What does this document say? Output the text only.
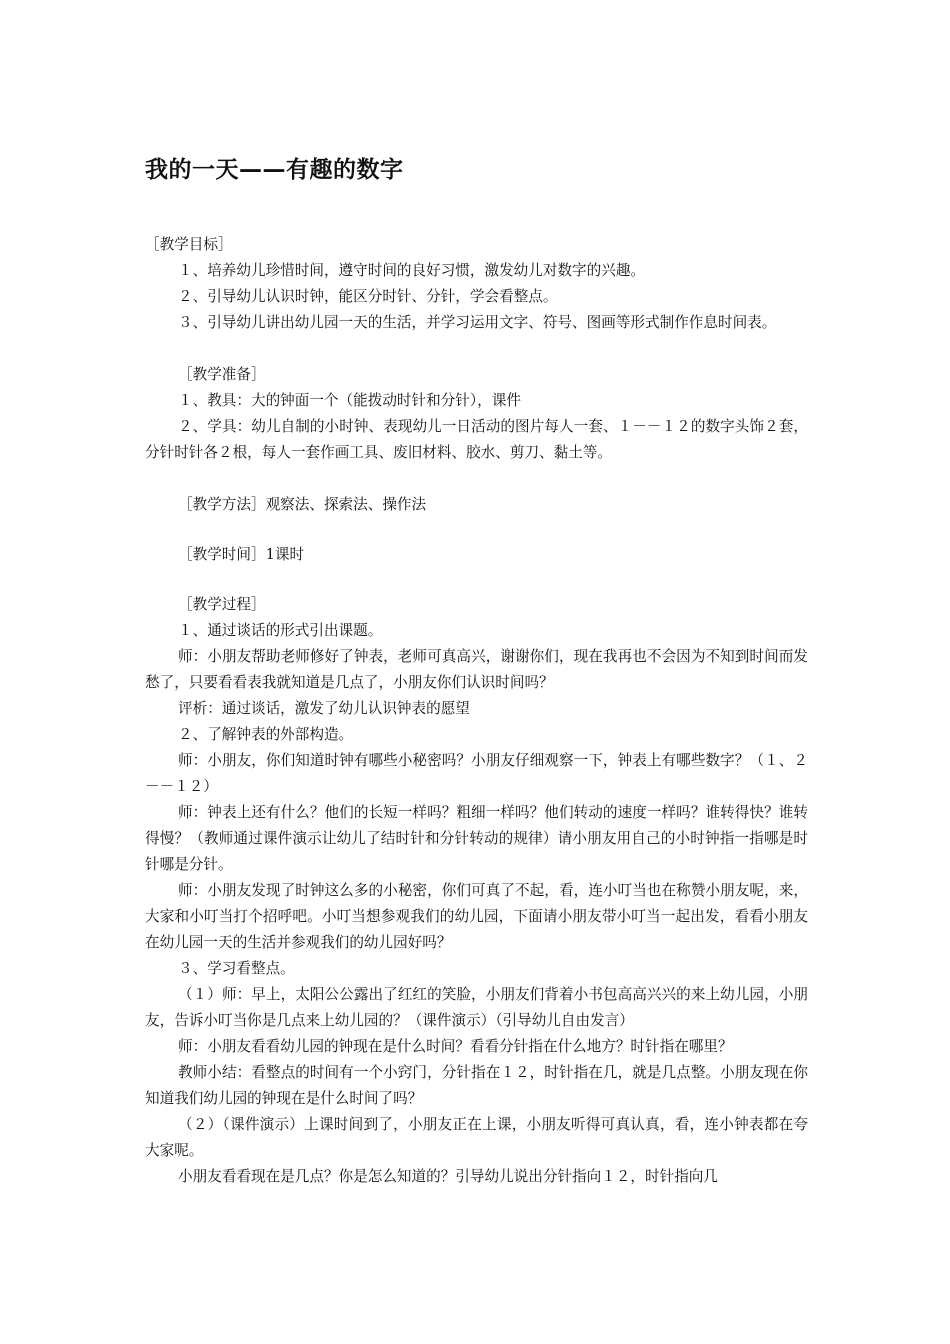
我的一天——有趣的数字

［教学目标］

１、培养幼儿珍惜时间，遵守时间的良好习惯，激发幼儿对数字的兴趣。

２、引导幼儿认识时钟，能区分时针、分针，学会看整点。

３、引导幼儿讲出幼儿园一天的生活，并学习运用文字、符号、图画等形式制作作息时间表。

［教学准备］

１、教具：大的钟面一个（能拨动时针和分针），课件

２、学具：幼儿自制的小时钟、表现幼儿一日活动的图片每人一套、１－－１２的数字头饰２套，分针时针各２根，每人一套作画工具、废旧材料、胶水、剪刀、黏土等。

［教学方法］观察法、探索法、操作法

［教学时间］1课时

［教学过程］

１、通过谈话的形式引出课题。

师：小朋友帮助老师修好了钟表，老师可真高兴，谢谢你们，现在我再也不会因为不知到时间而发愁了，只要看看表我就知道是几点了，小朋友你们认识时间吗？

评析：通过谈话，激发了幼儿认识钟表的愿望

２、了解钟表的外部构造。

师：小朋友，你们知道时钟有哪些小秘密吗？小朋友仔细观察一下，钟表上有哪些数字？（１、２－－１２）

师：钟表上还有什么？他们的长短一样吗？粗细一样吗？他们转动的速度一样吗？谁转得快？谁转得慢？（教师通过课件演示让幼儿了结时针和分针转动的规律）请小朋友用自己的小时钟指一指哪是时针哪是分针。

师：小朋友发现了时钟这么多的小秘密，你们可真了不起，看，连小叮当也在称赞小朋友呢，来，大家和小叮当打个招呼吧。小叮当想参观我们的幼儿园，下面请小朋友带小叮当一起出发，看看小朋友在幼儿园一天的生活并参观我们的幼儿园好吗？

３、学习看整点。

（１）师：早上，太阳公公露出了红红的笑脸，小朋友们背着小书包高高兴兴的来上幼儿园，小朋友，告诉小叮当你是几点来上幼儿园的？（课件演示）（引导幼儿自由发言）

师：小朋友看看幼儿园的钟现在是什么时间？看看分针指在什么地方？时针指在哪里？

教师小结：看整点的时间有一个小窍门，分针指在１２，时针指在几，就是几点整。小朋友现在你知道我们幼儿园的钟现在是什么时间了吗？

（２）（课件演示）上课时间到了，小朋友正在上课，小朋友听得可真认真，看，连小钟表都在夸大家呢。

小朋友看看现在是几点？你是怎么知道的？引导幼儿说出分针指向１２，时针指向几
